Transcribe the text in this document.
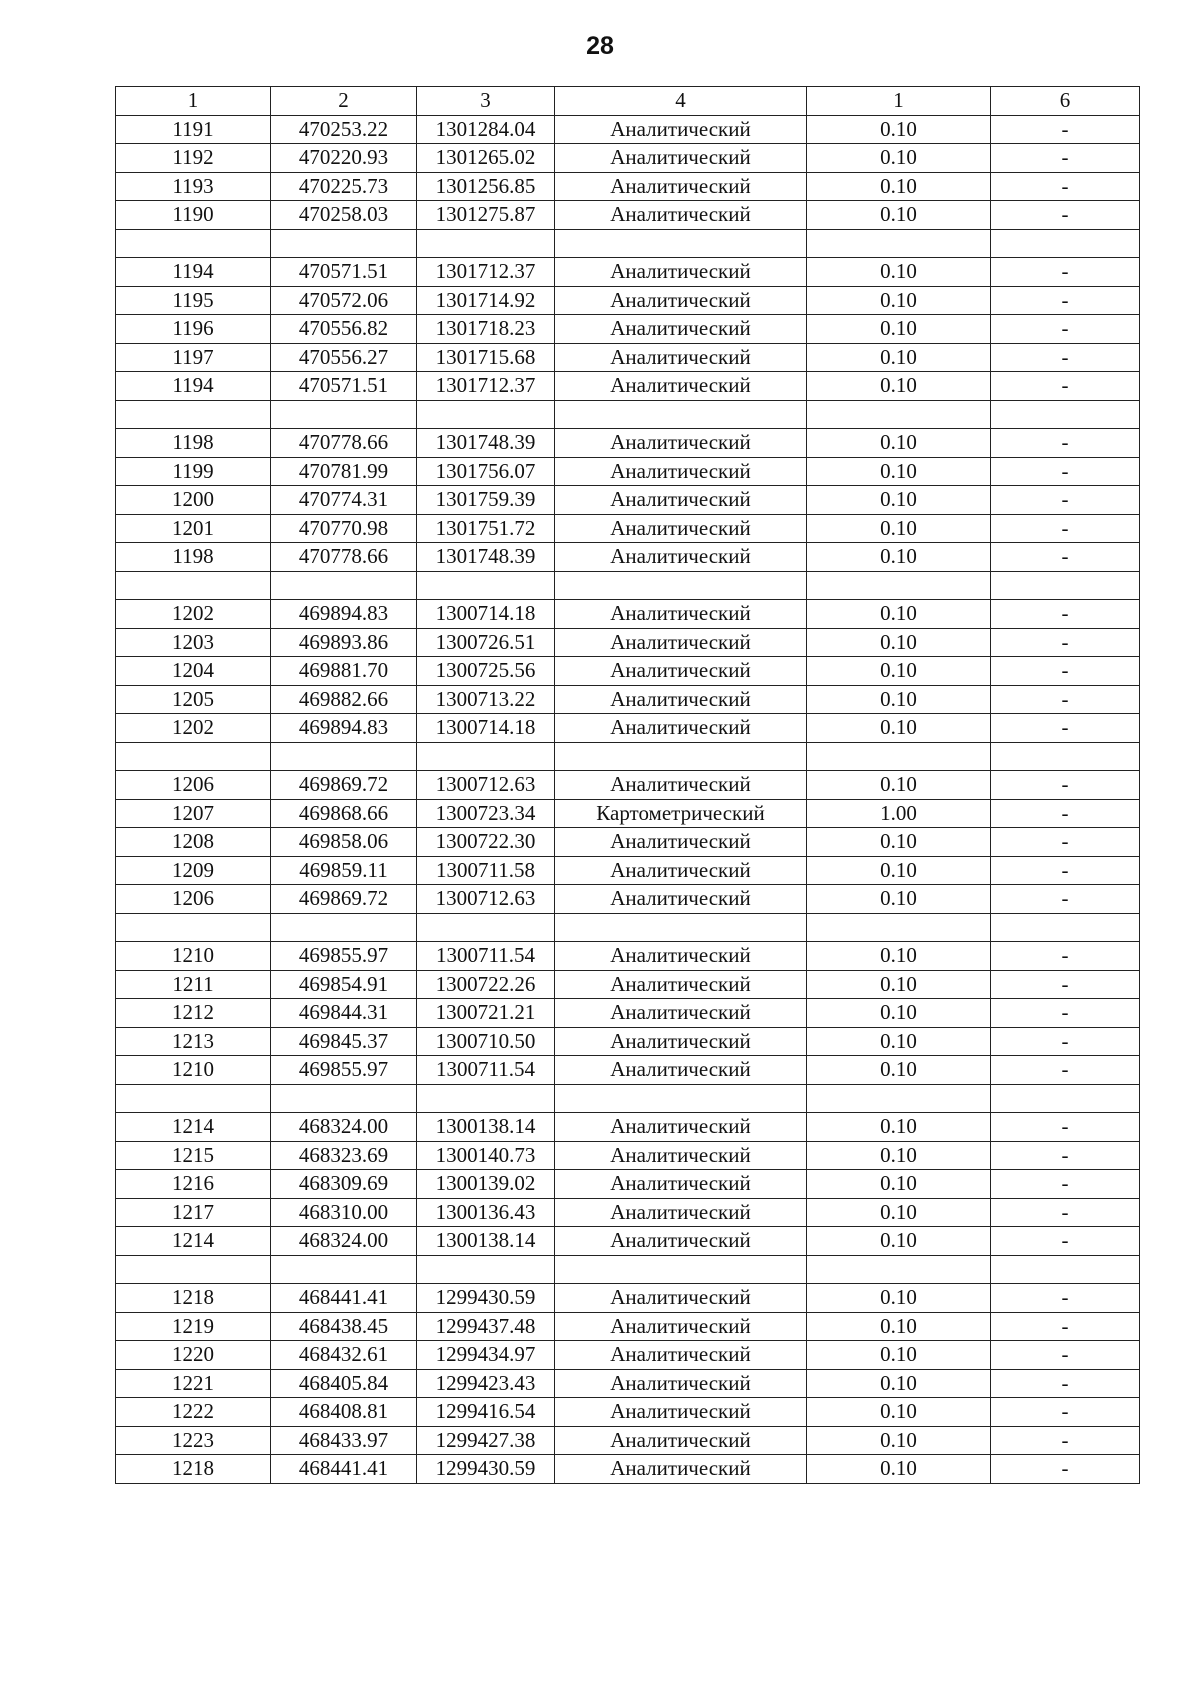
28
1	2	3	4	1	6
1191	470253.22	1301284.04	Аналитический	0.10	-
1192	470220.93	1301265.02	Аналитический	0.10	-
1193	470225.73	1301256.85	Аналитический	0.10	-
1190	470258.03	1301275.87	Аналитический	0.10	-

1194	470571.51	1301712.37	Аналитический	0.10	-
1195	470572.06	1301714.92	Аналитический	0.10	-
1196	470556.82	1301718.23	Аналитический	0.10	-
1197	470556.27	1301715.68	Аналитический	0.10	-
1194	470571.51	1301712.37	Аналитический	0.10	-

1198	470778.66	1301748.39	Аналитический	0.10	-
1199	470781.99	1301756.07	Аналитический	0.10	-
1200	470774.31	1301759.39	Аналитический	0.10	-
1201	470770.98	1301751.72	Аналитический	0.10	-
1198	470778.66	1301748.39	Аналитический	0.10	-

1202	469894.83	1300714.18	Аналитический	0.10	-
1203	469893.86	1300726.51	Аналитический	0.10	-
1204	469881.70	1300725.56	Аналитический	0.10	-
1205	469882.66	1300713.22	Аналитический	0.10	-
1202	469894.83	1300714.18	Аналитический	0.10	-

1206	469869.72	1300712.63	Аналитический	0.10	-
1207	469868.66	1300723.34	Картометрический	1.00	-
1208	469858.06	1300722.30	Аналитический	0.10	-
1209	469859.11	1300711.58	Аналитический	0.10	-
1206	469869.72	1300712.63	Аналитический	0.10	-

1210	469855.97	1300711.54	Аналитический	0.10	-
1211	469854.91	1300722.26	Аналитический	0.10	-
1212	469844.31	1300721.21	Аналитический	0.10	-
1213	469845.37	1300710.50	Аналитический	0.10	-
1210	469855.97	1300711.54	Аналитический	0.10	-

1214	468324.00	1300138.14	Аналитический	0.10	-
1215	468323.69	1300140.73	Аналитический	0.10	-
1216	468309.69	1300139.02	Аналитический	0.10	-
1217	468310.00	1300136.43	Аналитический	0.10	-
1214	468324.00	1300138.14	Аналитический	0.10	-

1218	468441.41	1299430.59	Аналитический	0.10	-
1219	468438.45	1299437.48	Аналитический	0.10	-
1220	468432.61	1299434.97	Аналитический	0.10	-
1221	468405.84	1299423.43	Аналитический	0.10	-
1222	468408.81	1299416.54	Аналитический	0.10	-
1223	468433.97	1299427.38	Аналитический	0.10	-
1218	468441.41	1299430.59	Аналитический	0.10	-
